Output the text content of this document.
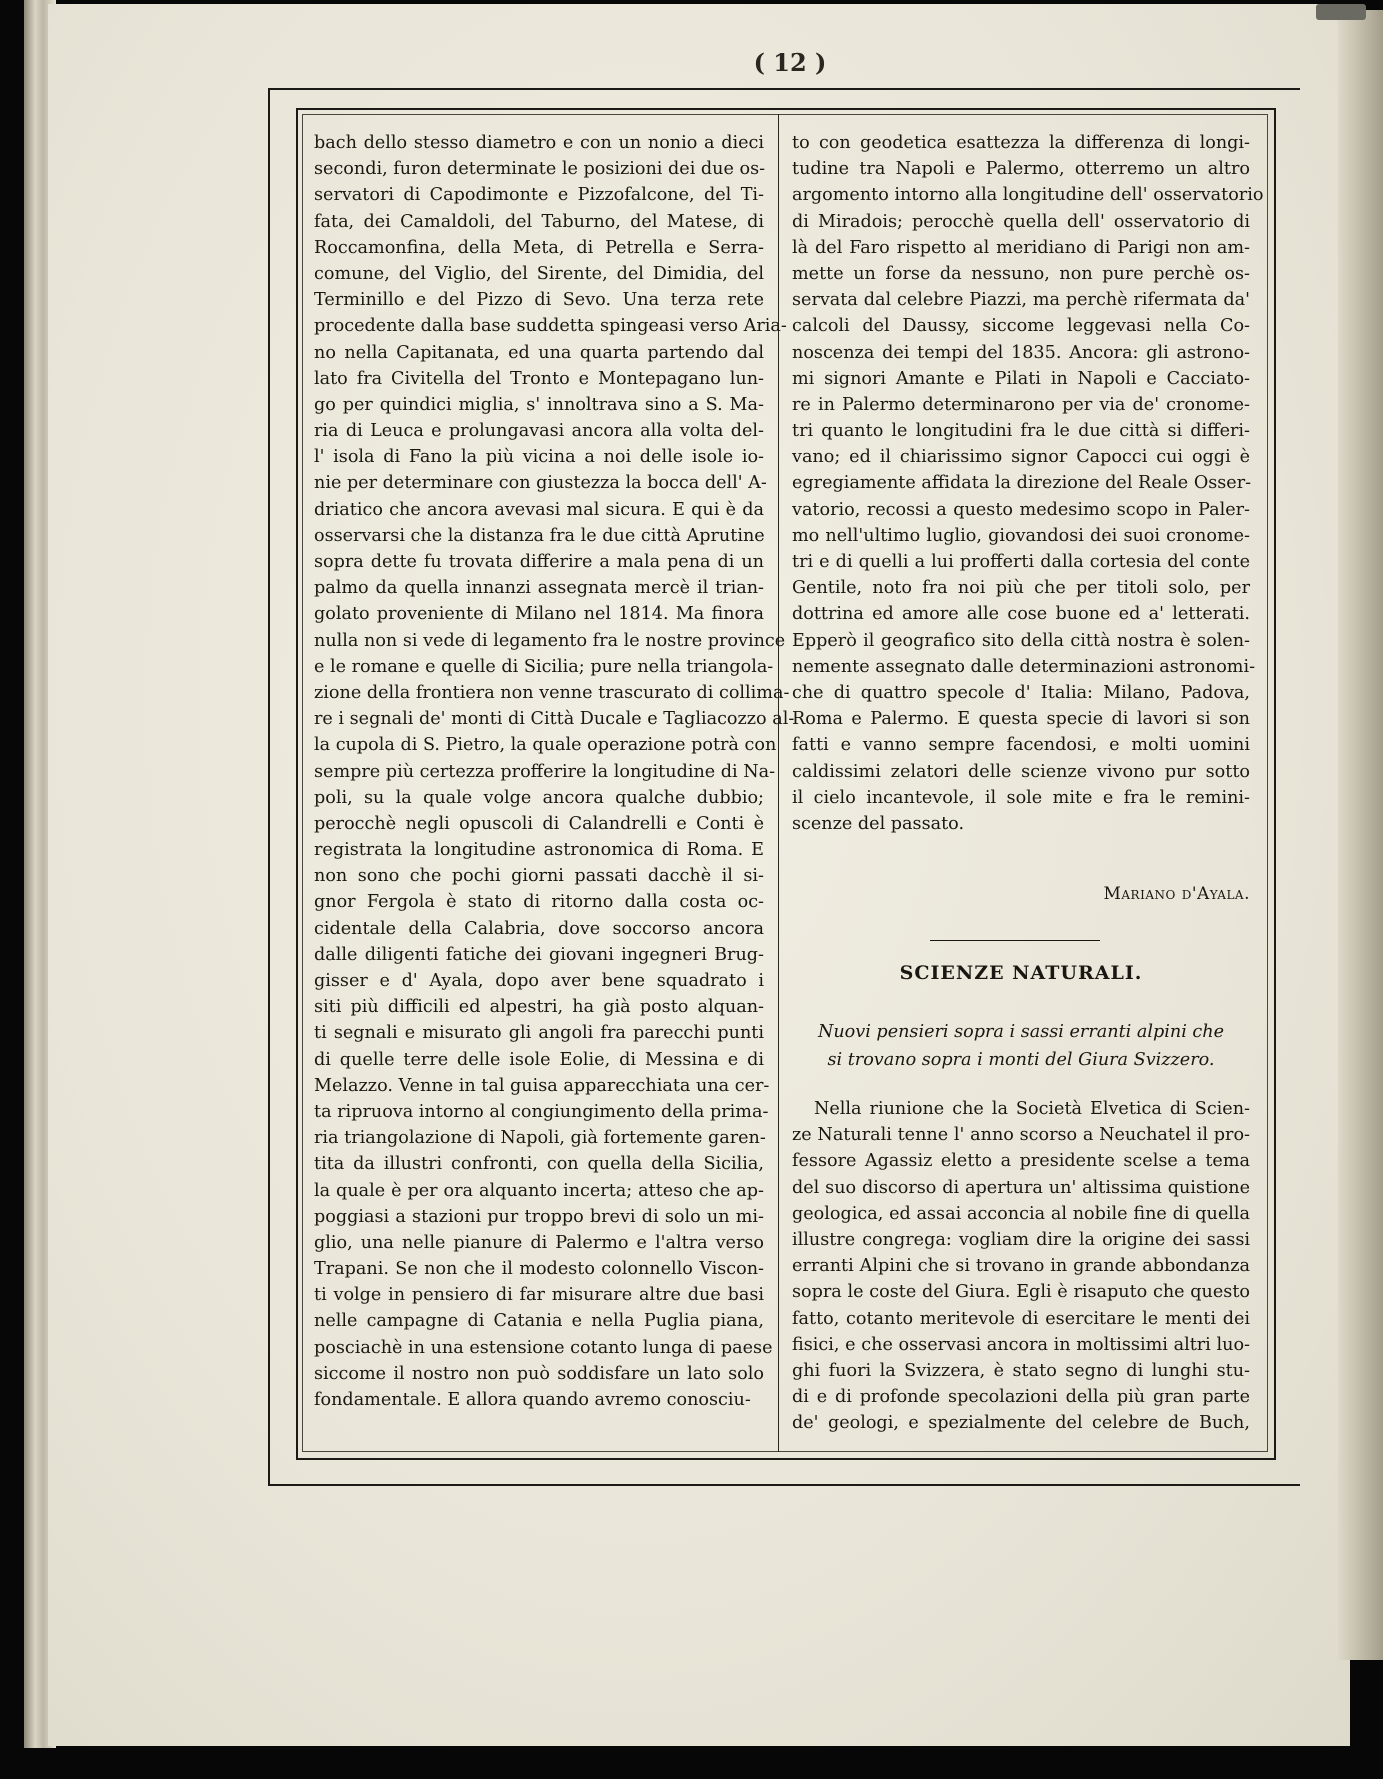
( 12 )
bach dello stesso diametro e con un nonio a dieci
secondi, furon determinate le posizioni dei due os-
servatori di Capodimonte e Pizzofalcone, del Ti-
fata, dei Camaldoli, del Taburno, del Matese, di
Roccamonfina, della Meta, di Petrella e Serra-
comune, del Viglio, del Sirente, del Dimidia, del
Terminillo e del Pizzo di Sevo. Una terza rete
procedente dalla base suddetta spingeasi verso Aria-
no nella Capitanata, ed una quarta partendo dal
lato fra Civitella del Tronto e Montepagano lun-
go per quindici miglia, s' innoltrava sino a S. Ma-
ria di Leuca e prolungavasi ancora alla volta del-
l' isola di Fano la più vicina a noi delle isole io-
nie per determinare con giustezza la bocca dell' A-
driatico che ancora avevasi mal sicura. E qui è da
osservarsi che la distanza fra le due città Aprutine
sopra dette fu trovata differire a mala pena di un
palmo da quella innanzi assegnata mercè il trian-
golato proveniente di Milano nel 1814. Ma finora
nulla non si vede di legamento fra le nostre province
e le romane e quelle di Sicilia; pure nella triangola-
zione della frontiera non venne trascurato di collima-
re i segnali de' monti di Città Ducale e Tagliacozzo al-
la cupola di S. Pietro, la quale operazione potrà con
sempre più certezza profferire la longitudine di Na-
poli, su la quale volge ancora qualche dubbio;
perocchè negli opuscoli di Calandrelli e Conti è
registrata la longitudine astronomica di Roma. E
non sono che pochi giorni passati dacchè il si-
gnor Fergola è stato di ritorno dalla costa oc-
cidentale della Calabria, dove soccorso ancora
dalle diligenti fatiche dei giovani ingegneri Brug-
gisser e d' Ayala, dopo aver bene squadrato i
siti più difficili ed alpestri, ha già posto alquan-
ti segnali e misurato gli angoli fra parecchi punti
di quelle terre delle isole Eolie, di Messina e di
Melazzo. Venne in tal guisa apparecchiata una cer-
ta ripruova intorno al congiungimento della prima-
ria triangolazione di Napoli, già fortemente garen-
tita da illustri confronti, con quella della Sicilia,
la quale è per ora alquanto incerta; atteso che ap-
poggiasi a stazioni pur troppo brevi di solo un mi-
glio, una nelle pianure di Palermo e l'altra verso
Trapani. Se non che il modesto colonnello Viscon-
ti volge in pensiero di far misurare altre due basi
nelle campagne di Catania e nella Puglia piana,
posciachè in una estensione cotanto lunga di paese
siccome il nostro non può soddisfare un lato solo
fondamentale. E allora quando avremo conosciu-
to con geodetica esattezza la differenza di longi-
tudine tra Napoli e Palermo, otterremo un altro
argomento intorno alla longitudine dell' osservatorio
di Miradois; perocchè quella dell' osservatorio di
là del Faro rispetto al meridiano di Parigi non am-
mette un forse da nessuno, non pure perchè os-
servata dal celebre Piazzi, ma perchè rifermata da'
calcoli del Daussy, siccome leggevasi nella Co-
noscenza dei tempi del 1835. Ancora: gli astrono-
mi signori Amante e Pilati in Napoli e Cacciato-
re in Palermo determinarono per via de' cronome-
tri quanto le longitudini fra le due città si differi-
vano; ed il chiarissimo signor Capocci cui oggi è
egregiamente affidata la direzione del Reale Osser-
vatorio, recossi a questo medesimo scopo in Paler-
mo nell'ultimo luglio, giovandosi dei suoi cronome-
tri e di quelli a lui profferti dalla cortesia del conte
Gentile, noto fra noi più che per titoli solo, per
dottrina ed amore alle cose buone ed a' letterati.
Epperò il geografico sito della città nostra è solen-
nemente assegnato dalle determinazioni astronomi-
che di quattro specole d' Italia: Milano, Padova,
Roma e Palermo. E questa specie di lavori si son
fatti e vanno sempre facendosi, e molti uomini
caldissimi zelatori delle scienze vivono pur sotto
il cielo incantevole, il sole mite e fra le remini-
scenze del passato.
Mariano d'Ayala.
SCIENZE NATURALI.
Nuovi pensieri sopra i sassi erranti alpini che
si trovano sopra i monti del Giura Svizzero.
Nella riunione che la Società Elvetica di Scien-
ze Naturali tenne l' anno scorso a Neuchatel il pro-
fessore Agassiz eletto a presidente scelse a tema
del suo discorso di apertura un' altissima quistione
geologica, ed assai acconcia al nobile fine di quella
illustre congrega: vogliam dire la origine dei sassi
erranti Alpini che si trovano in grande abbondanza
sopra le coste del Giura. Egli è risaputo che questo
fatto, cotanto meritevole di esercitare le menti dei
fisici, e che osservasi ancora in moltissimi altri luo-
ghi fuori la Svizzera, è stato segno di lunghi stu-
di e di profonde specolazioni della più gran parte
de' geologi, e spezialmente del celebre de Buch,
